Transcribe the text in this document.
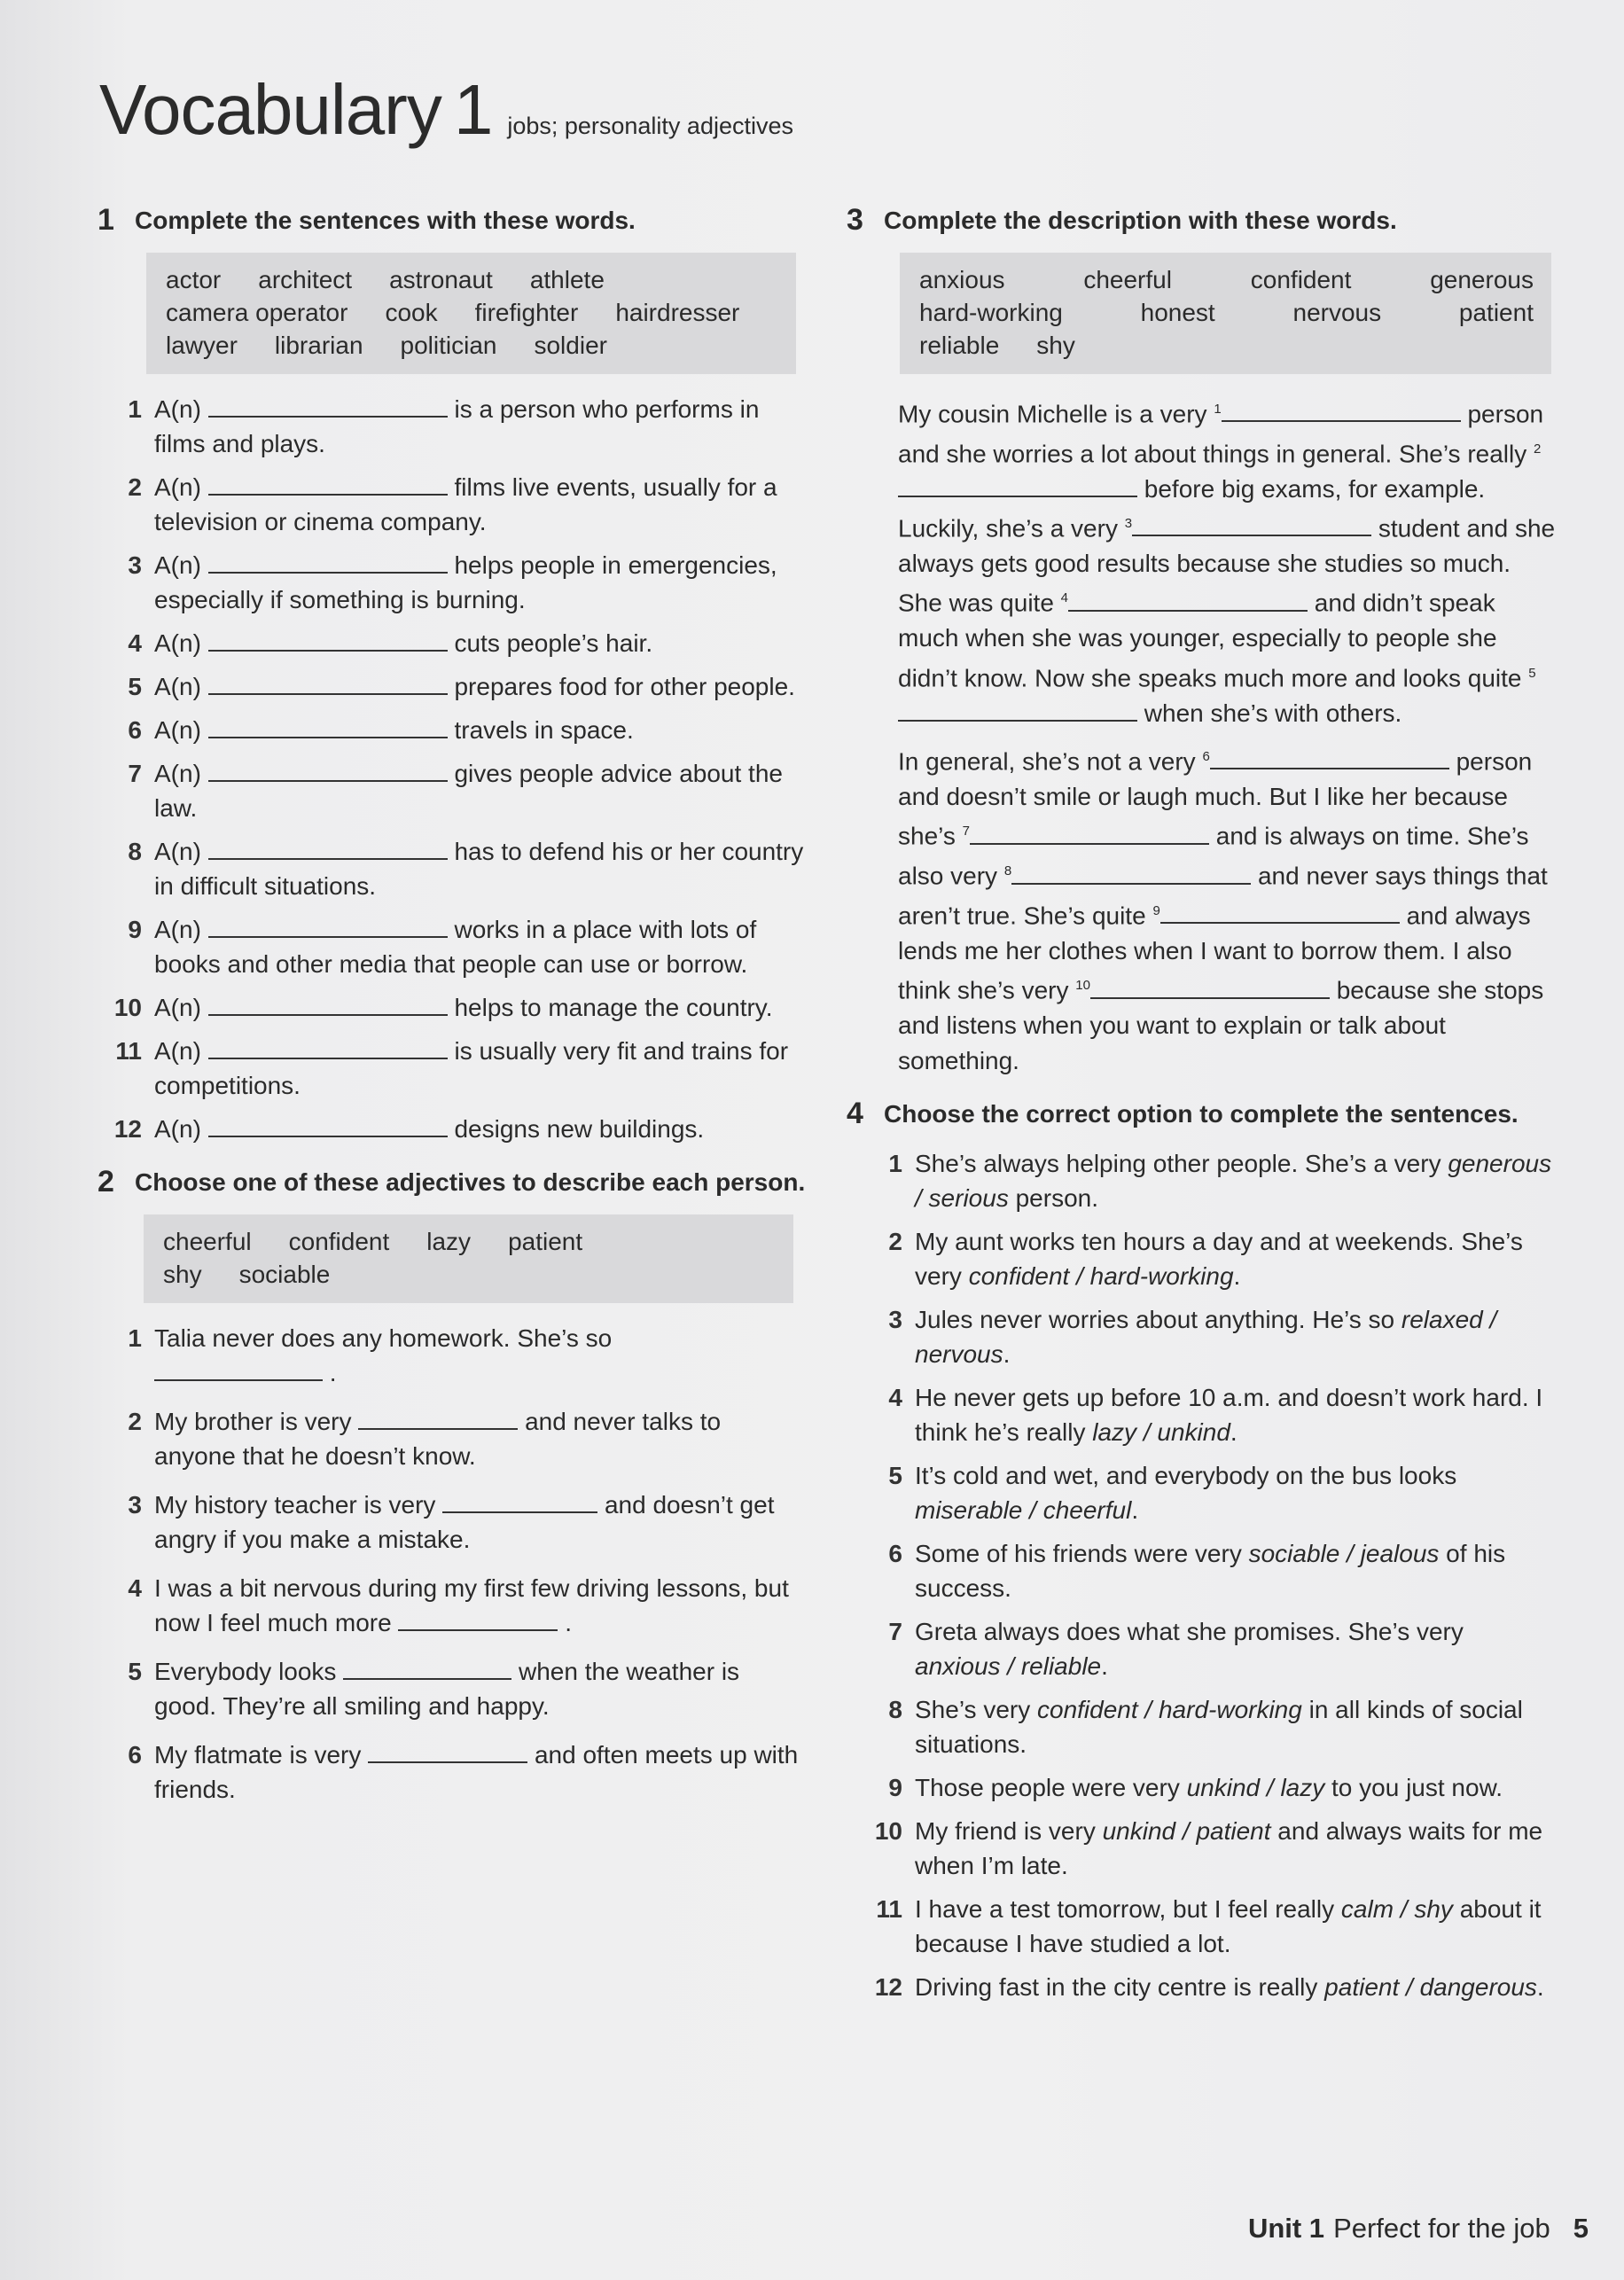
Vocabulary 1 jobs; personality adjectives
1 Complete the sentences with these words.
actor architect astronaut athlete
camera operator cook firefighter hairdresser
lawyer librarian politician soldier
1 A(n)	is a person who performs in films and plays.
2 A(n)	films live events, usually for a television or cinema company.
3 A(n)	helps people in emergencies, especially if something is burning.
4 A(n)	cuts people’s hair.
5 A(n)	prepares food for other people.
6 A(n)	travels in space.
7 A(n)	gives people advice about the law.
8 A(n)	has to defend his or her country in difficult situations.
9 A(n)	works in a place with lots of books and other media that people can use or borrow.
10 A(n)	helps to manage the country.
11 A(n)	is usually very fit and trains for competitions.
12 A(n)	designs new buildings.
2 Choose one of these adjectives to describe each person.
cheerful confident lazy patient
shy sociable
1 Talia never does any homework. She’s so
.
2 My brother is very	and never talks to anyone that he doesn’t know.
3 My history teacher is very	and doesn’t get angry if you make a mistake.
4 I was a bit nervous during my first few driving lessons, but now I feel much more	.
5 Everybody looks	when the weather is good. They’re all smiling and happy.
6 My flatmate is very	and often meets up with friends.
3 Complete the description with these words.
anxious	cheerful	confident	generous
hard-working	honest	nervous	patient
reliable shy
My cousin Michelle is a very $^1$	person and she worries a lot about things in general. She’s really $^2$ before big exams, for example. Luckily, she’s a very $^3$	student and she always gets good results because she studies so much. She was quite $^4$	and didn’t speak much when she was younger, especially to people she didn’t know. Now she speaks much more and looks quite $^5$ when she’s with others.
In general, she’s not a very $^6$	person and doesn’t smile or laugh much. But I like her because she’s $^7$	and is always on time. She’s also very $^8$	and never says things that aren’t true. She’s quite $^9$	and always lends me her clothes when I want to borrow them. I also think she’s very $^{10}$	because she stops and listens when you want to explain or talk about something.
4 Choose the correct option to complete the sentences.
1 She’s always helping other people. She’s a very generous / serious person.
2 My aunt works ten hours a day and at weekends. She’s very confident / hard-working.
3 Jules never worries about anything. He’s so relaxed / nervous.
4 He never gets up before 10 a.m. and doesn’t work hard. I think he’s really lazy / unkind.
5 It’s cold and wet, and everybody on the bus looks miserable / cheerful.
6 Some of his friends were very sociable / jealous of his success.
7 Greta always does what she promises. She’s very anxious / reliable.
8 She’s very confident / hard-working in all kinds of social situations.
9 Those people were very unkind / lazy to you just now.
10 My friend is very unkind / patient and always waits for me when I’m late.
11 I have a test tomorrow, but I feel really calm / shy about it because I have studied a lot.
12 Driving fast in the city centre is really patient / dangerous.
Unit 1 Perfect for the job 5
